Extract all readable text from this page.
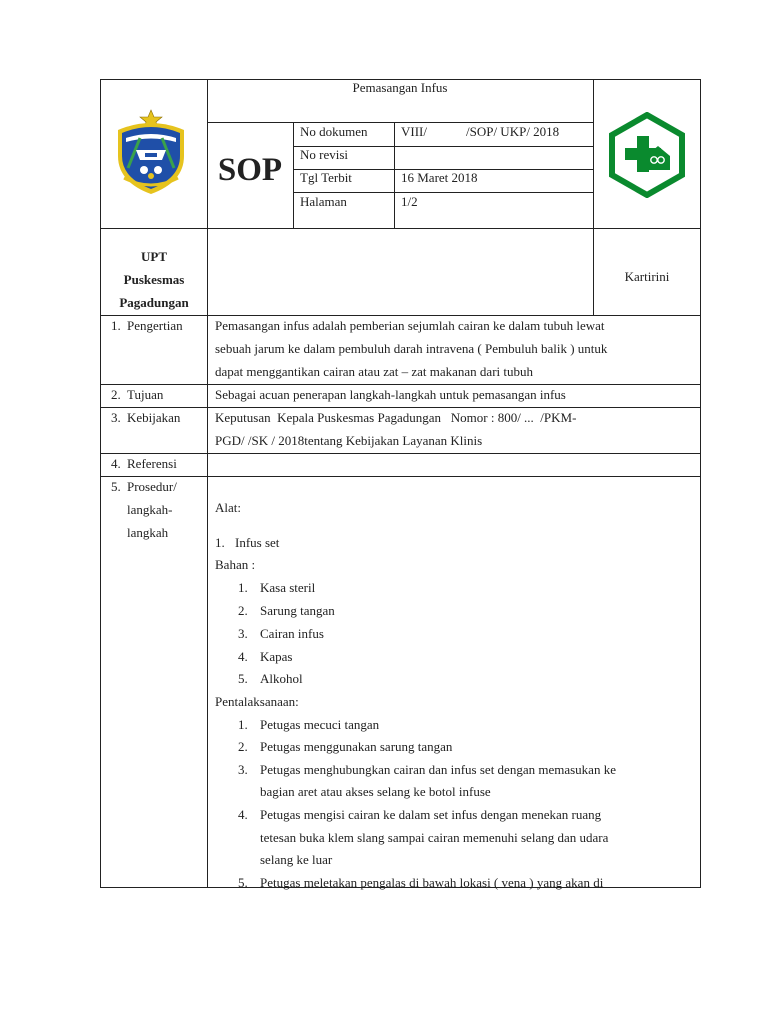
Pemasangan Infus
SOP
No dokumen	VIII/            /SOP/ UKP/ 2018
No revisi
Tgl Terbit	16 Maret 2018
Halaman	1/2
UPT
Puskesmas
Pagadungan
Kartirini
1. Pengertian Pemasangan infus adalah pemberian sejumlah cairan ke dalam tubuh lewat
sebuah jarum ke dalam pembuluh darah intravena ( Pembuluh balik ) untuk
dapat menggantikan cairan atau zat – zat makanan dari tubuh
2. Tujuan	Sebagai acuan penerapan langkah-langkah untuk pemasangan infus
3. Kebijakan	Keputusan  Kepala Puskesmas Pagadungan   Nomor : 800/ ...  /PKM-
PGD/ /SK / 2018tentang Kebijakan Layanan Klinis
4. Referensi
5. Prosedur/
langkah-
langkah
Alat:
1. Infus set
Bahan :
1. Kasa steril
2. Sarung tangan
3. Cairan infus
4. Kapas
5. Alkohol
Pentalaksanaan:
1. Petugas mecuci tangan
2. Petugas menggunakan sarung tangan
3. Petugas menghubungkan cairan dan infus set dengan memasukan ke
bagian aret atau akses selang ke botol infuse
4. Petugas mengisi cairan ke dalam set infus dengan menekan ruang
tetesan buka klem slang sampai cairan memenuhi selang dan udara
selang ke luar
5. Petugas meletakan pengalas di bawah lokasi ( vena ) yang akan di
